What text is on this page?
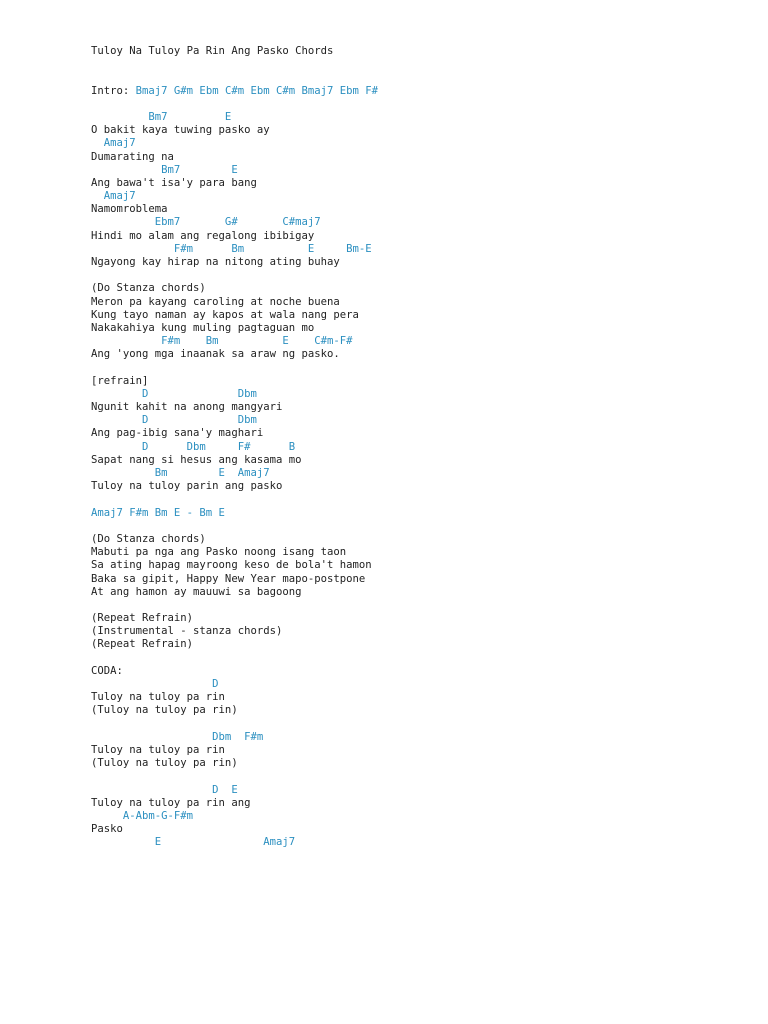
Tuloy Na Tuloy Pa Rin Ang Pasko Chords
Intro: Bmaj7 G#m Ebm C#m Ebm C#m Bmaj7 Ebm F#
Bm7         E
O bakit kaya tuwing pasko ay
Amaj7
Dumarating na
Bm7        E
Ang bawa't isa'y para bang
Amaj7
Namomroblema
Ebm7       G#       C#maj7
Hindi mo alam ang regalong ibibigay
F#m      Bm          E     Bm-E
Ngayong kay hirap na nitong ating buhay
(Do Stanza chords)
Meron pa kayang caroling at noche buena
Kung tayo naman ay kapos at wala nang pera
Nakakahiya kung muling pagtaguan mo
F#m    Bm          E    C#m-F#
Ang 'yong mga inaanak sa araw ng pasko.
[refrain]
D              Dbm
Ngunit kahit na anong mangyari
D              Dbm
Ang pag-ibig sana'y maghari
D      Dbm     F#      B
Sapat nang si hesus ang kasama mo
Bm        E  Amaj7
Tuloy na tuloy parin ang pasko
Amaj7 F#m Bm E - Bm E
(Do Stanza chords)
Mabuti pa nga ang Pasko noong isang taon
Sa ating hapag mayroong keso de bola't hamon
Baka sa gipit, Happy New Year mapo-postpone
At ang hamon ay mauuwi sa bagoong
(Repeat Refrain)
(Instrumental - stanza chords)
(Repeat Refrain)
CODA:
D
Tuloy na tuloy pa rin
(Tuloy na tuloy pa rin)
Dbm  F#m
Tuloy na tuloy pa rin
(Tuloy na tuloy pa rin)
D  E
Tuloy na tuloy pa rin ang
A-Abm-G-F#m
Pasko
E                Amaj7
